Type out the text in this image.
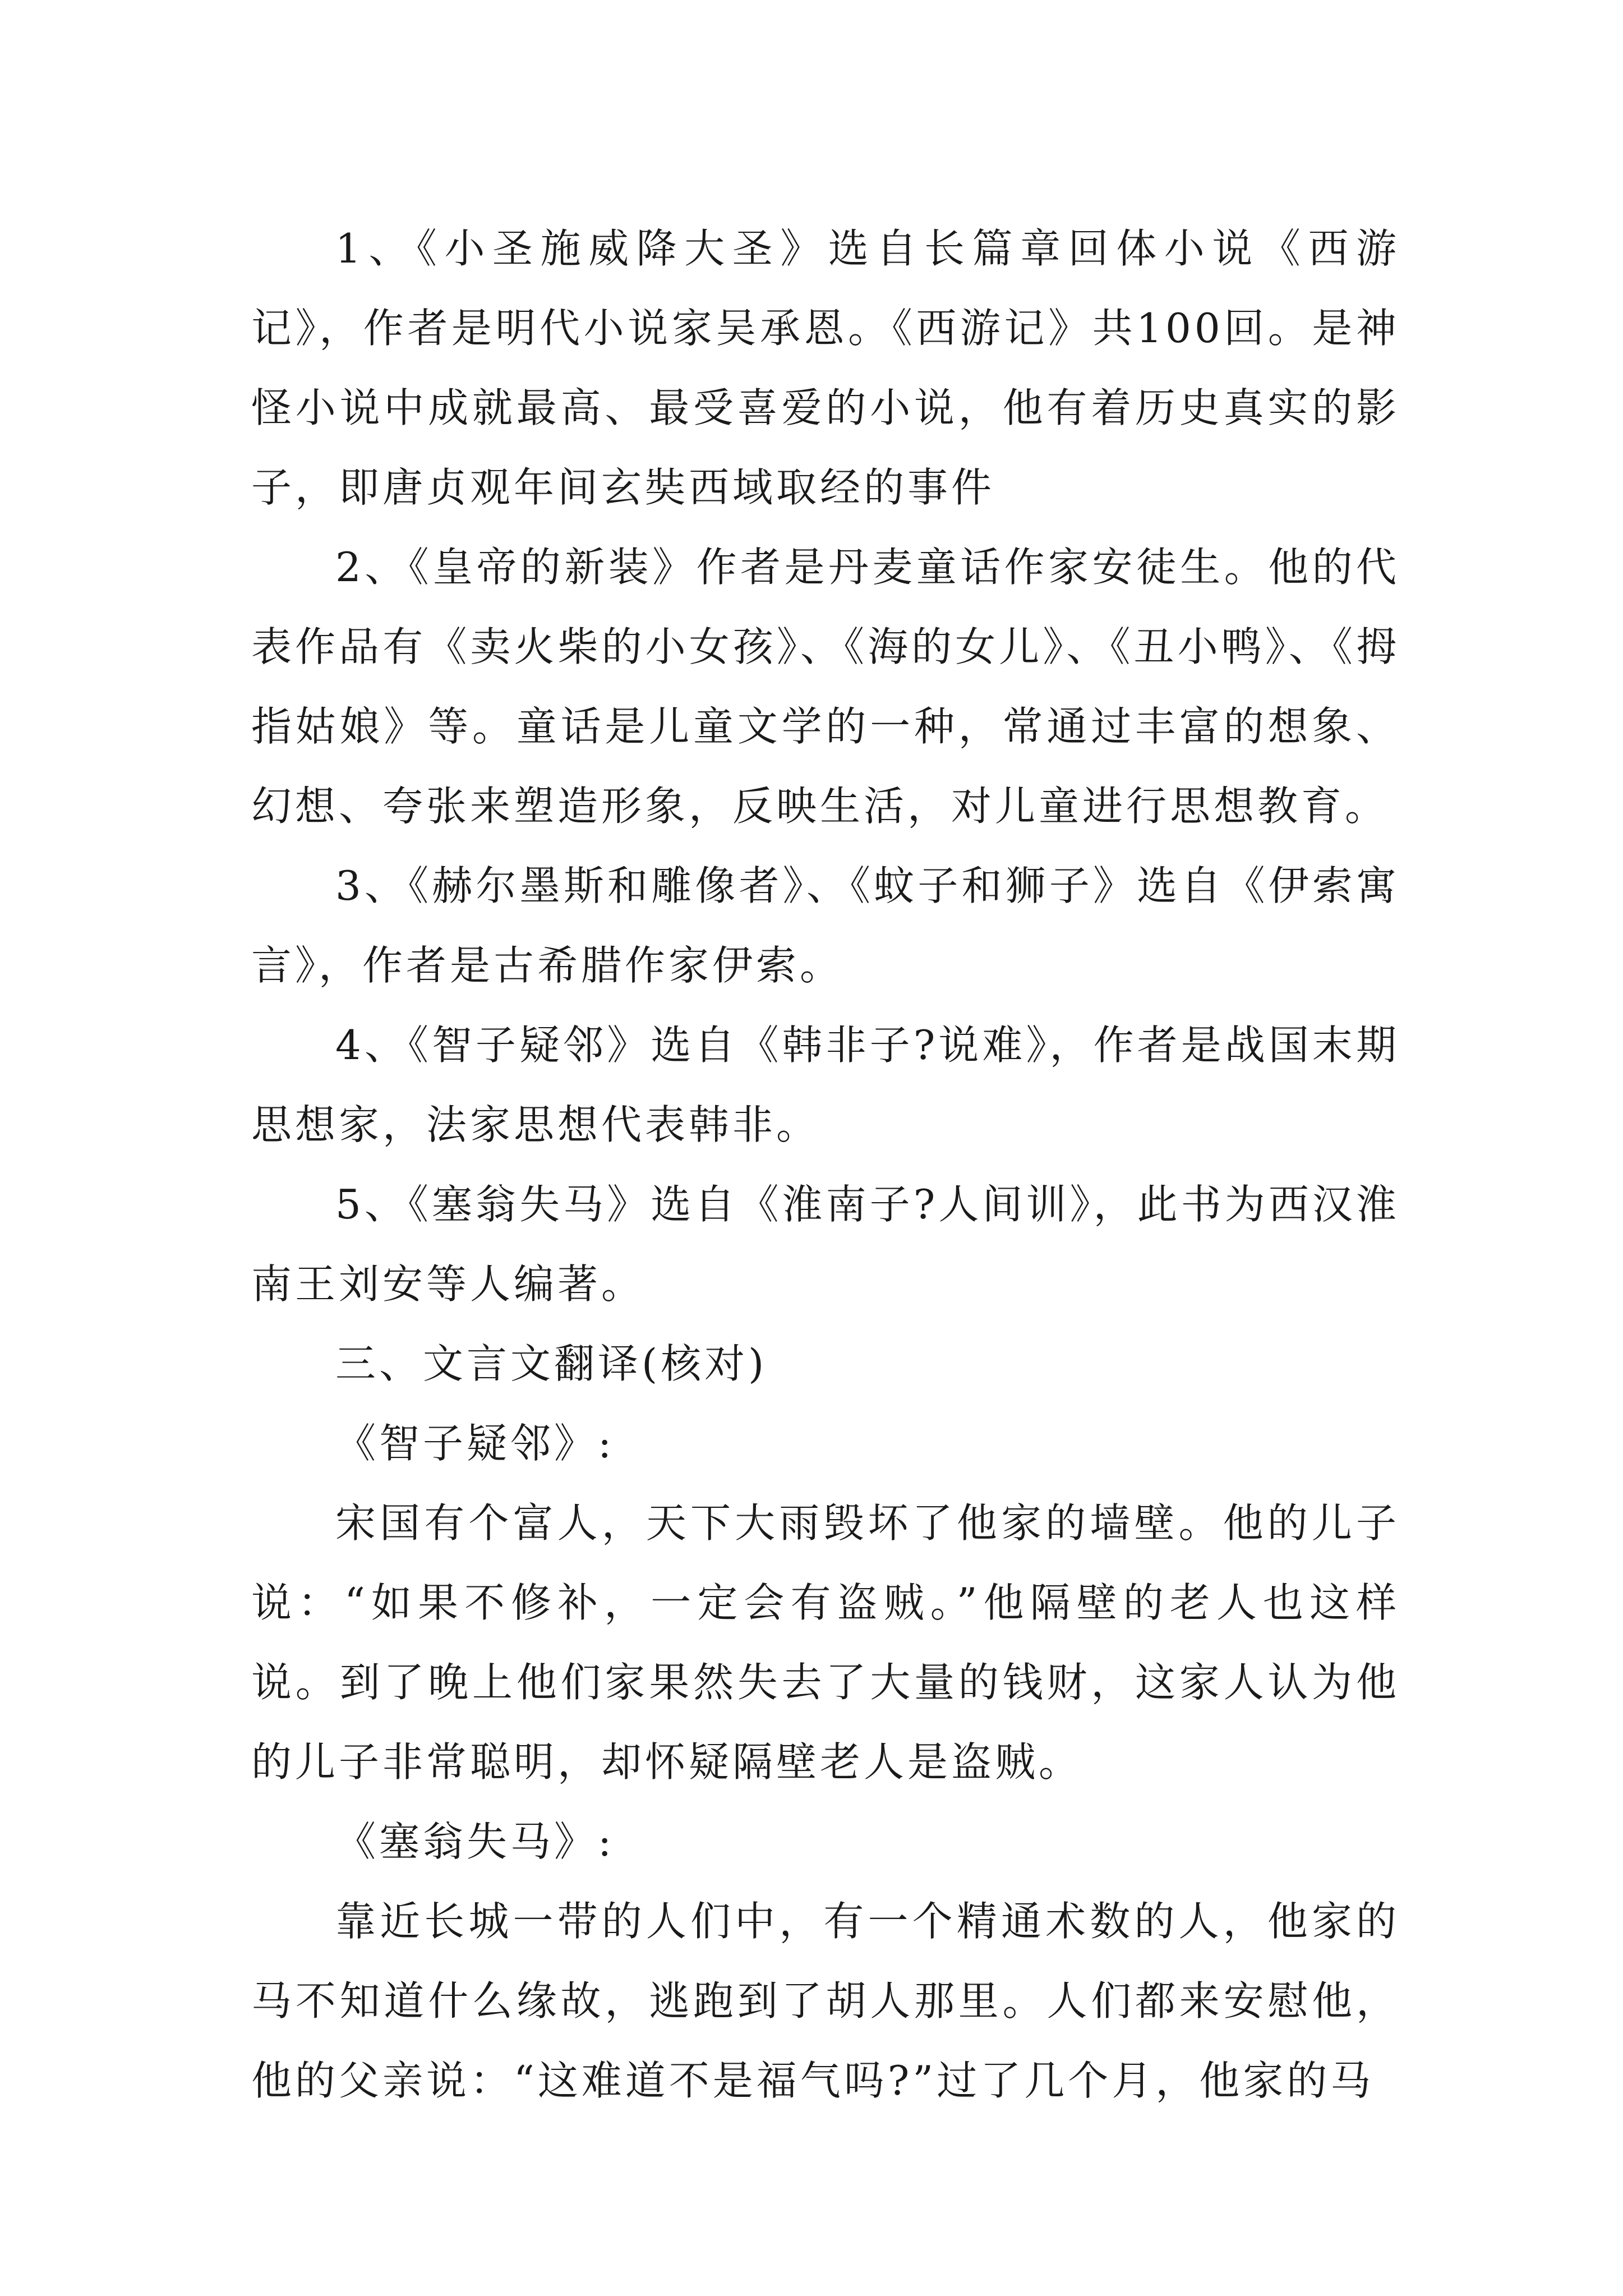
1、《小圣施威降大圣》选自长篇章回体小说《西游记》，作者是明代小说家吴承恩。《西游记》共100回。是神怪小说中成就最高、最受喜爱的小说，他有着历史真实的影子，即唐贞观年间玄奘西域取经的事件

2、《皇帝的新装》作者是丹麦童话作家安徒生。他的代表作品有《卖火柴的小女孩》、《海的女儿》、《丑小鸭》、《拇指姑娘》等。童话是儿童文学的一种，常通过丰富的想象、幻想、夸张来塑造形象，反映生活，对儿童进行思想教育。

3、《赫尔墨斯和雕像者》、《蚊子和狮子》选自《伊索寓言》，作者是古希腊作家伊索。

4、《智子疑邻》选自《韩非子?说难》，作者是战国末期思想家，法家思想代表韩非。

5、《塞翁失马》选自《淮南子?人间训》，此书为西汉淮南王刘安等人编著。

三、文言文翻译(核对)

《智子疑邻》:

宋国有个富人，天下大雨毁坏了他家的墙壁。他的儿子说：“如果不修补，一定会有盗贼。”他隔壁的老人也这样说。到了晚上他们家果然失去了大量的钱财，这家人认为他的儿子非常聪明，却怀疑隔壁老人是盗贼。

《塞翁失马》:

靠近长城一带的人们中，有一个精通术数的人，他家的马不知道什么缘故，逃跑到了胡人那里。人们都来安慰他，他的父亲说：“这难道不是福气吗?”过了几个月，他家的马
